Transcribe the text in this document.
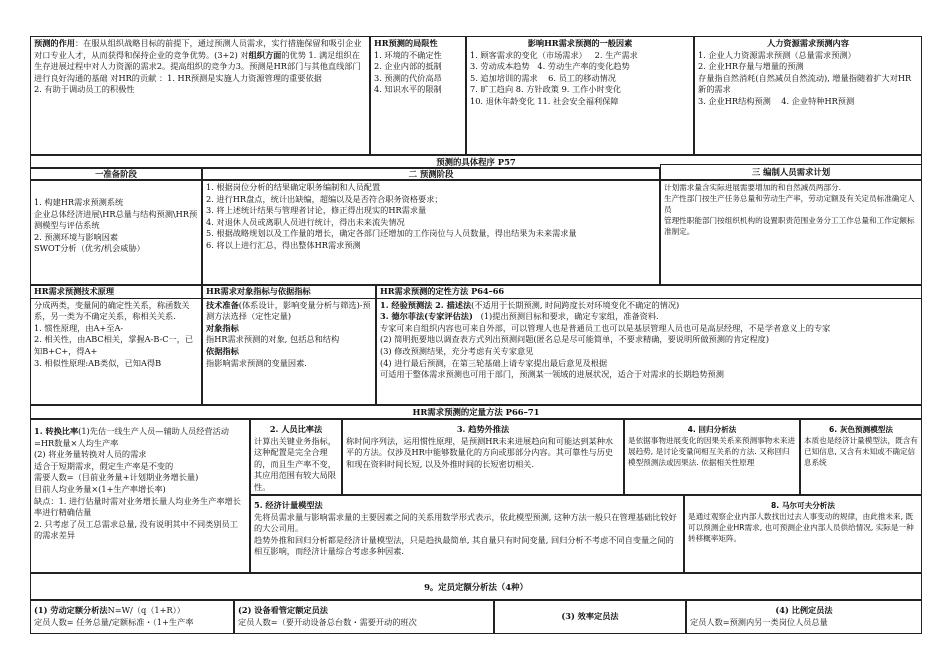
预测的作用：在服从组织战略目标的前提下，通过预测人员需求，实行措施保留和吸引企业对口专业人才，从而获得和保持企业的竞争优势。(3+2) 对组织方面的优势 1. 满足组织在生存进展过程中对人力资源的需求2。提高组织的竞争力3。预测是HR部门与其他直线部门进行良好沟通的基础 对HR的贡献 ：1. HR预测是实施人力资源管理的重要依据

2. 有助于调动员工的积极性

HR预测的局限性

1. 环境的不确定性

2. 企业内部的抵制

3. 预测的代价高昂

4. 知识水平的限制

影响HR需求预测的一般因素

1. 顾客需求的变化（市场需求） 2. 生产需求

3. 劳动成本趋势 4. 劳动生产率的变化趋势

5. 追加培训的需求 6. 员工的移动情况

7. 旷工趋向 8. 方针政策 9. 工作小时变化

10. 退休年龄变化 11. 社会安全福利保障

人力资源需求预测内容

1. 企业人力资源需求预测（总量需求预测）

2. 企业HR存量与增量的预测

存量指自然消耗(自然减员自然流动), 增量指随着扩大对HR新的需求

3. 企业HR结构预测 4. 企业特种HR预测

预测的具体程序 P57
一准备阶段	二 预测阶段	三 编制人员需求计划

1. 构建HR需求预测系统

企业总体经济进展\HR总量与结构预测\HR预测模型与评估系统

2. 预测环境与影响因素

SWOT分析（优劣/机会威胁）

1. 根据岗位分析的结果确定职务编制和人员配置

2. 进行HR盘点，统计出缺编，超编以及是否符合职务资格要求；

3. 将上述统计结果与管理者讨论，修正得出现实的HR需求量

4. 对退休人员或离职人员进行统计，得出未来流失情况

5. 根据战略规划以及工作量的增长，确定各部门还增加的工作岗位与人员数量，得出结果为未来需求量

6. 将以上进行汇总，得出整体HR需求预测

计划需求量含实际进展需要增加的和自然减员两部分.

生产性部门按生产任务总量和劳动生产率，劳动定额及有关定员标准确定人员

管理性职能部门按组织机构的设置职责范围业务分工工作总量和工作定额标准制定。

HR需求预测技术原理

分成两类，变量间的确定性关系，称函数关系，另一类为不确定关系，称相关关系.

1. 惯性原理，由A+至A-

2. 相关性，由ABC相关，掌握A-B-C一，已知B+C+，得A+

3. 相似性原理:AB类似，已知A得B

HR需求对象指标与依据指标

技术准备(体系设计，影响变量分析与筛选)-预测方法选择（定性定量)

对象指标

指HR需求预测的对象, 包括总和结构

依据指标

指影响需求预测的变量因素.

HR需求预测的定性方法 P64–66

1. 经验预测法 2. 描述法(不适用于长期预测, 时间跨度长对环境变化不确定的情况)

3. 德尔菲法(专家评估法) (1)提出预测目标和要求，确定专家组，准备资料.

专家可来自组织内容也可来自外部，可以管理人也是普通员工也可以是基层管理人员也可是高层经理，不是学者意义上的专家

(2) 简明扼要地以调查表方式列出预测问题(匿名总是尽可能简单，不要求精确，要说明所做预测的肯定程度)

(3) 修改预测结果，充分考虑有关专家意见

(4) 进行最后预测，在第三轮基础上请专家提出最后意见及根据

可适用于整体需求预测也可用于部门，预测某一领域的进展状况，适合于对需求的长期趋势预测

HR需求预测的定量方法 P66–71

1. 转换比率(1)先估一线生产人员—辅助人员经营活动=HR数量×人均生产率

(2) 将业务量转换对人员的需求

适合于短期需求，假定生产率是不变的

需要人数=（目前业务量+计划期业务增长量)

目前人均业务量×(1+生产率增长率)

缺点：1. 进行估量时需对业务增长量人均业务生产率增长率进行精确估量

2. 只考虑了员工总需求总量, 没有说明其中不同类别员工的需求差异

2. 人员比率法

计算出关键业务指标，这种配置是完全合理的，而且生产率不变，其应用范围有较大局限性。

3. 趋势外推法

称时间序列法，运用惯性原理，是预测HR未来进展趋向和可能达到某种水平的方法。仅涉及HR中能够数量化的方向或那部分内容。其可靠性与历史和现在资料时间长短, 以及外推时间的长短密切相关.

4. 回归分析法

是依据事物进展变化的因果关系来预测事物未来进展趋势, 是讨论变量间相互关系的方法. 又称回归模型预测法或因果法. 依据相关性原理

6. 灰色预测模型法

本质也是经济计量模型法，既含有已知信息, 又含有未知或不确定信息系统

5. 经济计量模型法

先将员需求量与影响需求量的主要因素之间的关系用数学形式表示，依此模型预测, 这种方法一般只在管理基础比较好的大公司用。

趋势外推和回归分析都是经济计量模型法，只是趋执最简单, 其自量只有时间变量, 回归分析不考虑不同自变量之间的相互影响，而经济计量综合考虑多种因素.

8. 马尔可夫分析法

是通过观察企业内部人数找出过去人事变动的规律，由此推未来, 既可以预测企业HR需求, 也可预测企业内部人员供给情况, 实际是一种转移概率矩阵。

9。定员定额分析法（4种）

(1) 劳动定额分析法N=W/（q（1+R））

定员人数= 任务总量/定额标准・（1+生产率

(2) 设备看管定额定员法

定员人数=（要开动设备总台数・需要开动的班次

(3) 效率定员法

(4) 比例定员法

定员人数=预测内另一类岗位人员总量
